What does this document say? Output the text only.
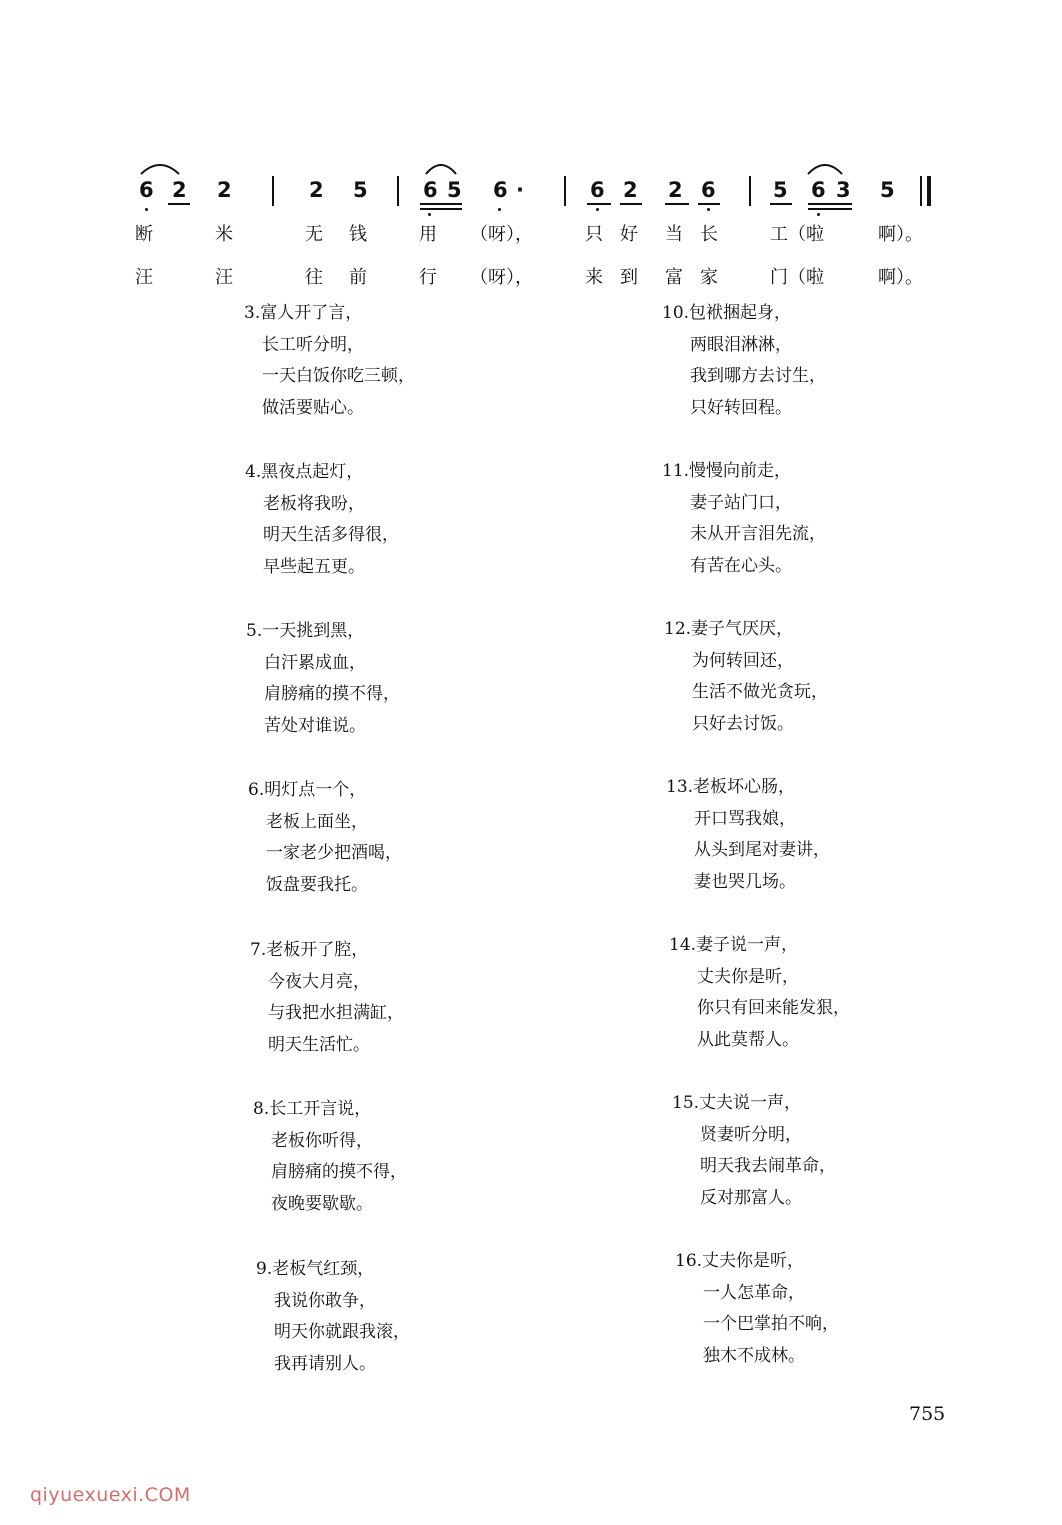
6 2 2	2 5	6 5 6 ·	6 2 2 6	5 6 3 5
断	米	无 钱	用 （呀），	只 好 当 长	工（啦	啊）。
汪	汪	往 前	行 （呀），	来 到 富 家	门（啦	啊）。
3.富人开了言，
长工听分明，
一天白饭你吃三顿，
做活要贴心。
4.黑夜点起灯，
老板将我吩，
明天生活多得很，
早些起五更。
5.一天挑到黑，
白汗累成血，
肩膀痛的摸不得，
苦处对谁说。
6.明灯点一个，
老板上面坐，
一家老少把酒喝，
饭盘要我托。
7.老板开了腔，
今夜大月亮，
与我把水担满缸，
明天生活忙。
8.长工开言说，
老板你听得，
肩膀痛的摸不得，
夜晚要歇歇。
9.老板气红颈，
我说你敢争，
明天你就跟我滚，
我再请别人。
10.包袱捆起身，
两眼泪淋淋，
我到哪方去讨生，
只好转回程。
11.慢慢向前走，
妻子站门口，
未从开言泪先流，
有苦在心头。
12.妻子气厌厌，
为何转回还，
生活不做光贪玩，
只好去讨饭。
13.老板坏心肠，
开口骂我娘，
从头到尾对妻讲，
妻也哭几场。
14.妻子说一声，
丈夫你是听，
你只有回来能发狠，
从此莫帮人。
15.丈夫说一声，
贤妻听分明，
明天我去闹革命，
反对那富人。
16.丈夫你是听，
一人怎革命，
一个巴掌拍不响，
独木不成林。
755
qiyuexuexi.COM
